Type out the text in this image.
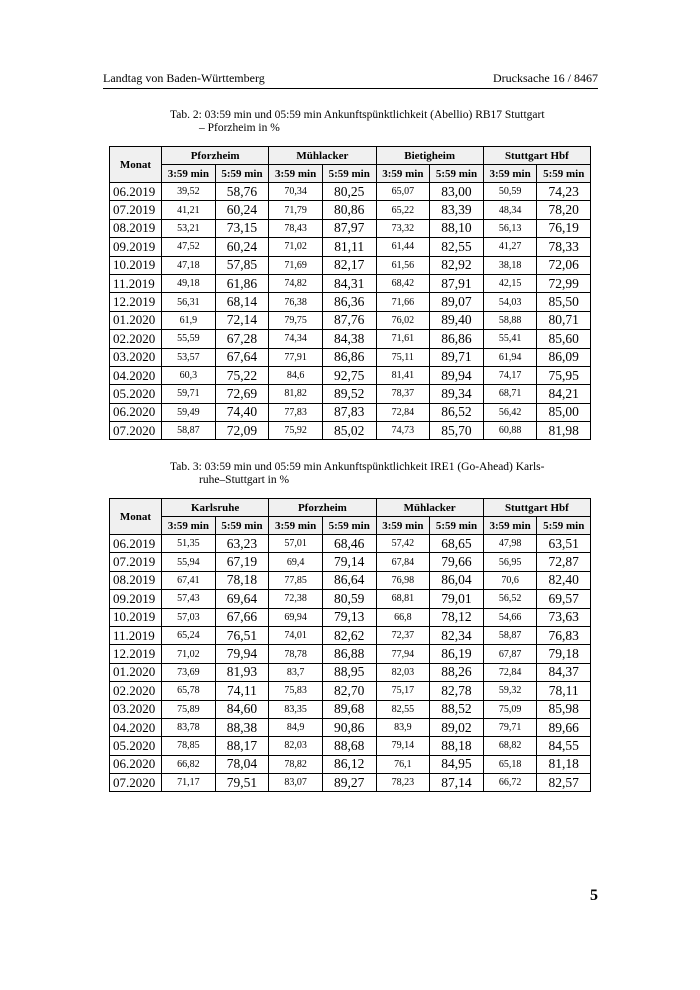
Landtag von Baden-Württemberg	Drucksache 16 / 8467
Tab. 2: 03:59 min und 05:59 min Ankunftspünktlichkeit (Abellio) RB17 Stuttgart
– Pforzheim in %
Monat	Pforzheim		Mühlacker		Bietigheim		Stuttgart Hbf	
	3:59 min	5:59 min	3:59 min	5:59 min	3:59 min	5:59 min	3:59 min	5:59 min
06.2019	39,52	58,76	70,34	80,25	65,07	83,00	50,59	74,23
07.2019	41,21	60,24	71,79	80,86	65,22	83,39	48,34	78,20
08.2019	53,21	73,15	78,43	87,97	73,32	88,10	56,13	76,19
09.2019	47,52	60,24	71,02	81,11	61,44	82,55	41,27	78,33
10.2019	47,18	57,85	71,69	82,17	61,56	82,92	38,18	72,06
11.2019	49,18	61,86	74,82	84,31	68,42	87,91	42,15	72,99
12.2019	56,31	68,14	76,38	86,36	71,66	89,07	54,03	85,50
01.2020	61,9	72,14	79,75	87,76	76,02	89,40	58,88	80,71
02.2020	55,59	67,28	74,34	84,38	71,61	86,86	55,41	85,60
03.2020	53,57	67,64	77,91	86,86	75,11	89,71	61,94	86,09
04.2020	60,3	75,22	84,6	92,75	81,41	89,94	74,17	75,95
05.2020	59,71	72,69	81,82	89,52	78,37	89,34	68,71	84,21
06.2020	59,49	74,40	77,83	87,83	72,84	86,52	56,42	85,00
07.2020	58,87	72,09	75,92	85,02	74,73	85,70	60,88	81,98
Tab. 3: 03:59 min und 05:59 min Ankunftspünktlichkeit IRE1 (Go-Ahead) Karls-
ruhe–Stuttgart in %
Monat	Karlsruhe		Pforzheim		Mühlacker		Stuttgart Hbf	
	3:59 min	5:59 min	3:59 min	5:59 min	3:59 min	5:59 min	3:59 min	5:59 min
06.2019	51,35	63,23	57,01	68,46	57,42	68,65	47,98	63,51
07.2019	55,94	67,19	69,4	79,14	67,84	79,66	56,95	72,87
08.2019	67,41	78,18	77,85	86,64	76,98	86,04	70,6	82,40
09.2019	57,43	69,64	72,38	80,59	68,81	79,01	56,52	69,57
10.2019	57,03	67,66	69,94	79,13	66,8	78,12	54,66	73,63
11.2019	65,24	76,51	74,01	82,62	72,37	82,34	58,87	76,83
12.2019	71,02	79,94	78,78	86,88	77,94	86,19	67,87	79,18
01.2020	73,69	81,93	83,7	88,95	82,03	88,26	72,84	84,37
02.2020	65,78	74,11	75,83	82,70	75,17	82,78	59,32	78,11
03.2020	75,89	84,60	83,35	89,68	82,55	88,52	75,09	85,98
04.2020	83,78	88,38	84,9	90,86	83,9	89,02	79,71	89,66
05.2020	78,85	88,17	82,03	88,68	79,14	88,18	68,82	84,55
06.2020	66,82	78,04	78,82	86,12	76,1	84,95	65,18	81,18
07.2020	71,17	79,51	83,07	89,27	78,23	87,14	66,72	82,57
5
